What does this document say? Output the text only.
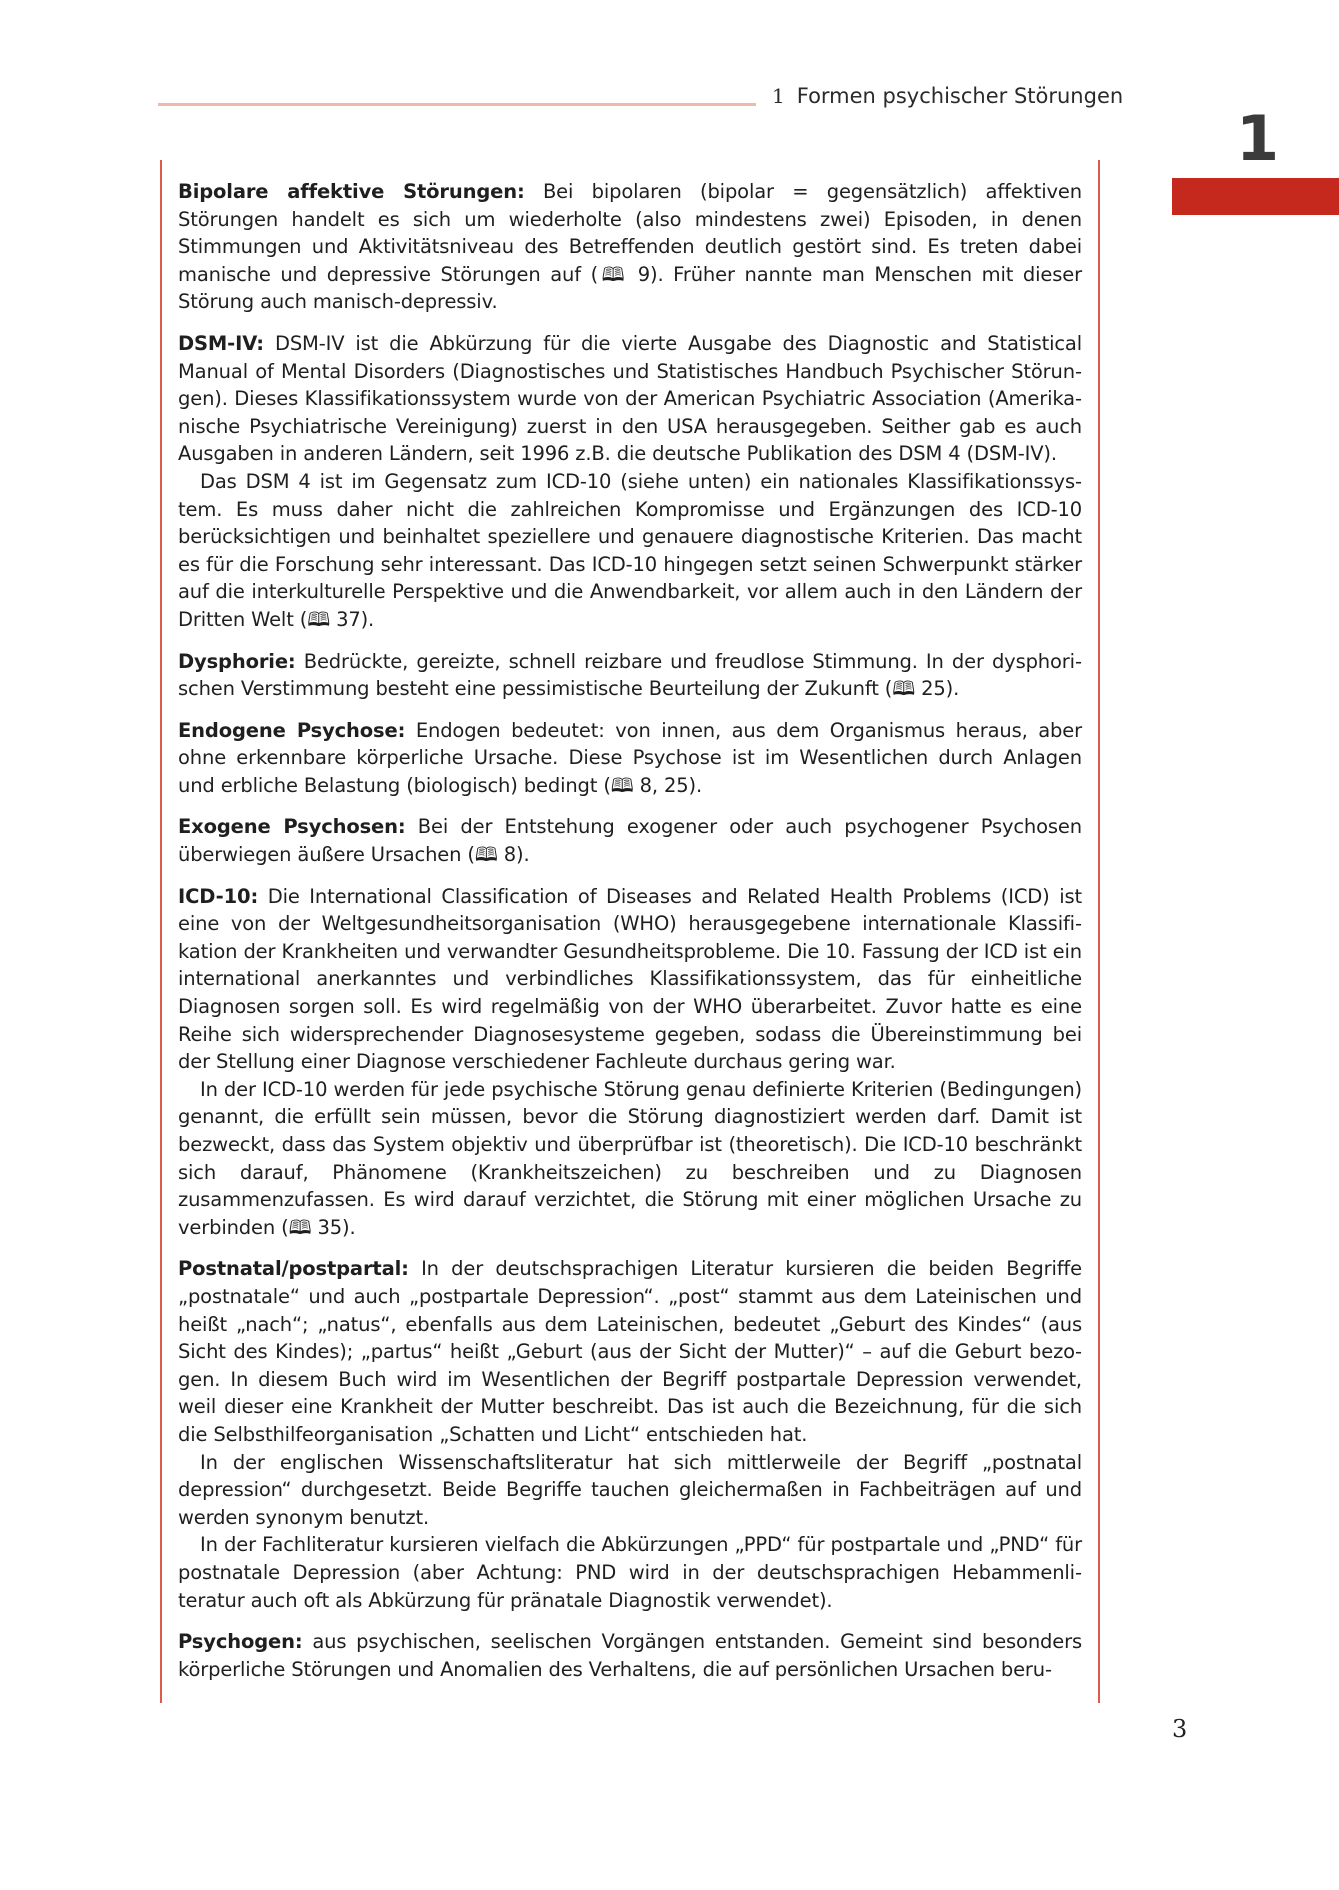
1 Formen psychischer Störungen
1

Bipolare affektive Störungen: Bei bipolaren (bipolar = gegensätzlich) affektiven Störungen handelt es sich um wiederholte (also mindestens zwei) Episoden, in denen Stimmungen und Aktivitätsniveau des Betreffenden deutlich gestört sind. Es treten dabei manische und depressive Störungen auf (🕮 9). Früher nannte man Menschen mit dieser Störung auch manisch-depressiv.

DSM-IV: DSM-IV ist die Abkürzung für die vierte Ausgabe des Diagnostic and Statistical Manual of Mental Disorders (Diagnostisches und Statistisches Handbuch Psychischer Störungen). Dieses Klassifikationssystem wurde von der American Psychiatric Association (Amerikanische Psychiatrische Vereinigung) zuerst in den USA herausgegeben. Seither gab es auch Ausgaben in anderen Ländern, seit 1996 z.B. die deutsche Publikation des DSM 4 (DSM-IV).

Das DSM 4 ist im Gegensatz zum ICD-10 (siehe unten) ein nationales Klassifikationssystem. Es muss daher nicht die zahlreichen Kompromisse und Ergänzungen des ICD-10 berücksichtigen und beinhaltet speziellere und genauere diagnostische Kriterien. Das macht es für die Forschung sehr interessant. Das ICD-10 hingegen setzt seinen Schwerpunkt stärker auf die interkulturelle Perspektive und die Anwendbarkeit, vor allem auch in den Ländern der Dritten Welt (🕮 37).

Dysphorie: Bedrückte, gereizte, schnell reizbare und freudlose Stimmung. In der dysphorischen Verstimmung besteht eine pessimistische Beurteilung der Zukunft (🕮 25).

Endogene Psychose: Endogen bedeutet: von innen, aus dem Organismus heraus, aber ohne erkennbare körperliche Ursache. Diese Psychose ist im Wesentlichen durch Anlagen und erbliche Belastung (biologisch) bedingt (🕮 8, 25).

Exogene Psychosen: Bei der Entstehung exogener oder auch psychogener Psychosen überwiegen äußere Ursachen (🕮 8).

ICD-10: Die International Classification of Diseases and Related Health Problems (ICD) ist eine von der Weltgesundheitsorganisation (WHO) herausgegebene internationale Klassifikation der Krankheiten und verwandter Gesundheitsprobleme. Die 10. Fassung der ICD ist ein international anerkanntes und verbindliches Klassifikationssystem, das für einheitliche Diagnosen sorgen soll. Es wird regelmäßig von der WHO überarbeitet. Zuvor hatte es eine Reihe sich widersprechender Diagnosesysteme gegeben, sodass die Übereinstimmung bei der Stellung einer Diagnose verschiedener Fachleute durchaus gering war.

In der ICD-10 werden für jede psychische Störung genau definierte Kriterien (Bedingungen) genannt, die erfüllt sein müssen, bevor die Störung diagnostiziert werden darf. Damit ist bezweckt, dass das System objektiv und überprüfbar ist (theoretisch). Die ICD-10 beschränkt sich darauf, Phänomene (Krankheitszeichen) zu beschreiben und zu Diagnosen zusammenzufassen. Es wird darauf verzichtet, die Störung mit einer möglichen Ursache zu verbinden (🕮 35).

Postnatal/postpartal: In der deutschsprachigen Literatur kursieren die beiden Begriffe „postnatale“ und auch „postpartale Depression“. „post“ stammt aus dem Lateinischen und heißt „nach“; „natus“, ebenfalls aus dem Lateinischen, bedeutet „Geburt des Kindes“ (aus Sicht des Kindes); „partus“ heißt „Geburt (aus der Sicht der Mutter)“ – auf die Geburt bezogen. In diesem Buch wird im Wesentlichen der Begriff postpartale Depression verwendet, weil dieser eine Krankheit der Mutter beschreibt. Das ist auch die Bezeichnung, für die sich die Selbsthilfeorganisation „Schatten und Licht“ entschieden hat.

In der englischen Wissenschaftsliteratur hat sich mittlerweile der Begriff „postnatal depression“ durchgesetzt. Beide Begriffe tauchen gleichermaßen in Fachbeiträgen auf und werden synonym benutzt.

In der Fachliteratur kursieren vielfach die Abkürzungen „PPD“ für postpartale und „PND“ für postnatale Depression (aber Achtung: PND wird in der deutschsprachigen Hebammenliteratur auch oft als Abkürzung für pränatale Diagnostik verwendet).

Psychogen: aus psychischen, seelischen Vorgängen entstanden. Gemeint sind besonders körperliche Störungen und Anomalien des Verhaltens, die auf persönlichen Ursachen beru-

3
